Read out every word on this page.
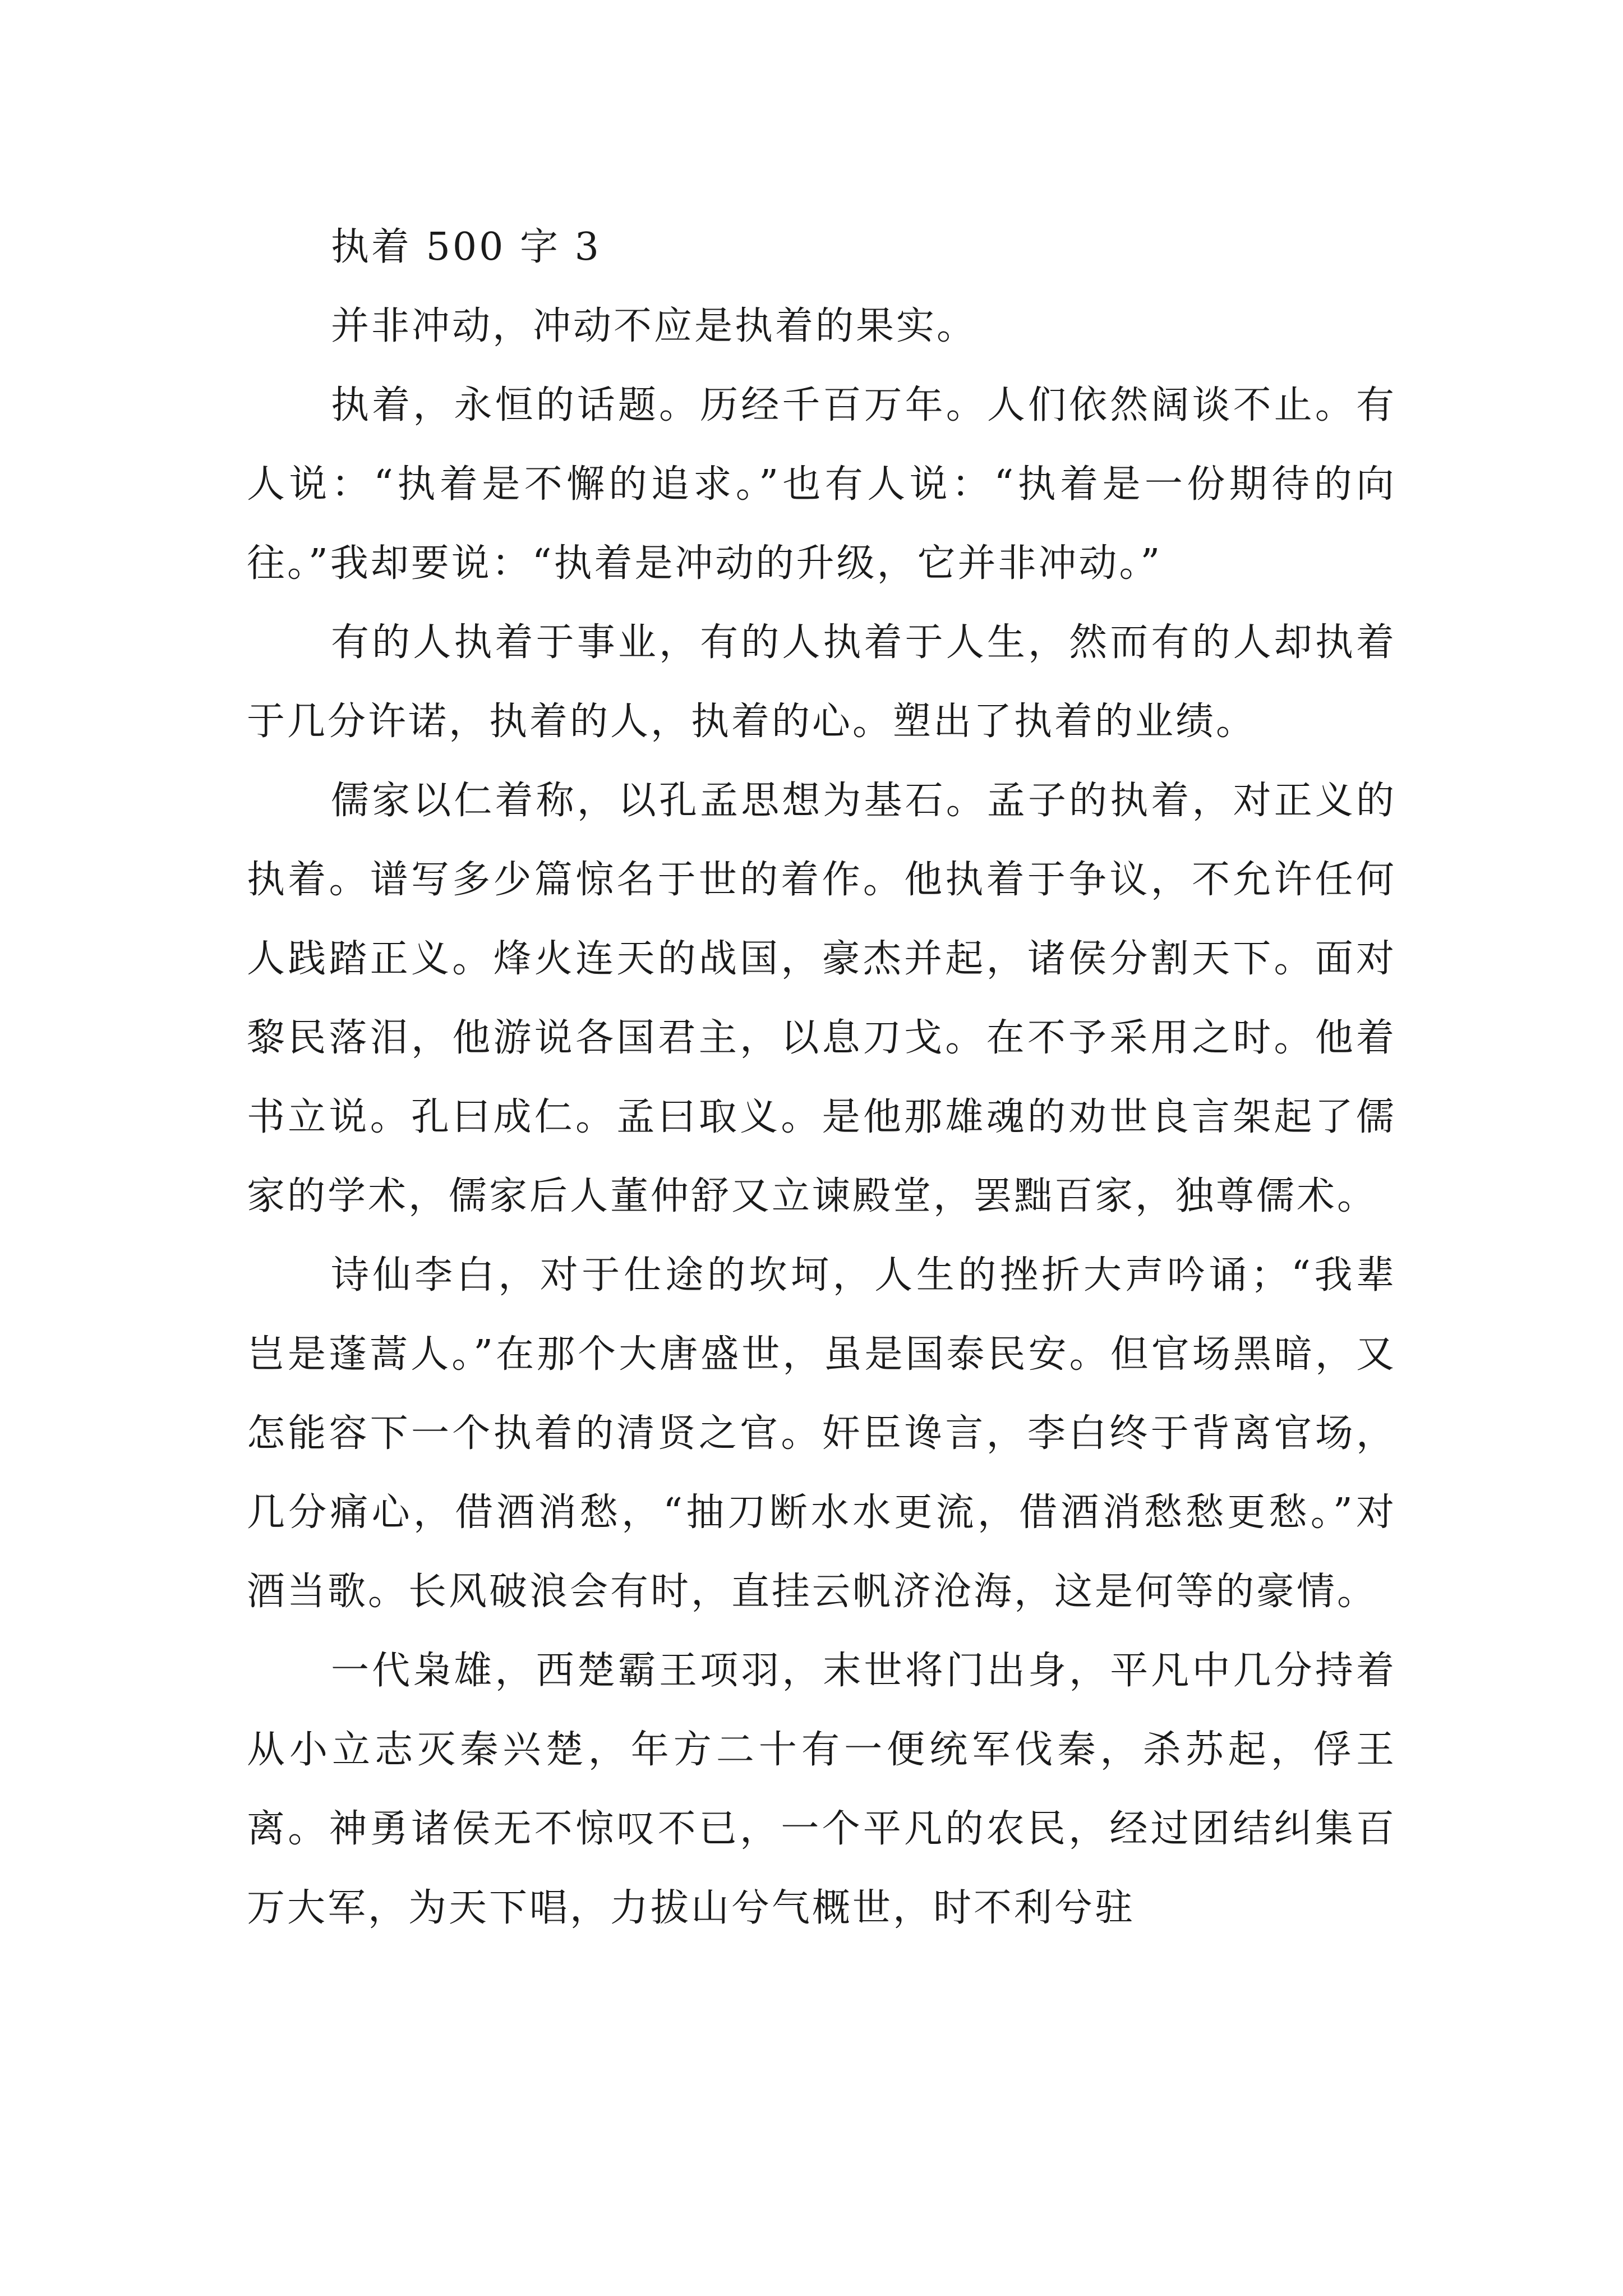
执着 500 字 3

并非冲动，冲动不应是执着的果实。

执着，永恒的话题。历经千百万年。人们依然阔谈不止。有人说：“执着是不懈的追求。”也有人说：“执着是一份期待的向往。”我却要说：“执着是冲动的升级，它并非冲动。”

有的人执着于事业，有的人执着于人生，然而有的人却执着于几分许诺，执着的人，执着的心。塑出了执着的业绩。

儒家以仁着称，以孔孟思想为基石。孟子的执着，对正义的执着。谱写多少篇惊名于世的着作。他执着于争议，不允许任何人践踏正义。烽火连天的战国，豪杰并起，诸侯分割天下。面对黎民落泪，他游说各国君主，以息刀戈。在不予采用之时。他着书立说。孔曰成仁。孟曰取义。是他那雄魂的劝世良言架起了儒家的学术，儒家后人董仲舒又立谏殿堂，罢黜百家，独尊儒术。

诗仙李白，对于仕途的坎坷，人生的挫折大声吟诵；“我辈岂是蓬蒿人。”在那个大唐盛世，虽是国泰民安。但官场黑暗，又怎能容下一个执着的清贤之官。奸臣谗言，李白终于背离官场，几分痛心，借酒消愁，“抽刀断水水更流，借酒消愁愁更愁。”对酒当歌。长风破浪会有时，直挂云帆济沧海，这是何等的豪情。

一代枭雄，西楚霸王项羽，末世将门出身，平凡中几分持着从小立志灭秦兴楚，年方二十有一便统军伐秦，杀苏起，俘王离。神勇诸侯无不惊叹不已，一个平凡的农民，经过团结纠集百万大军，为天下唱，力拔山兮气概世，时不利兮驻
